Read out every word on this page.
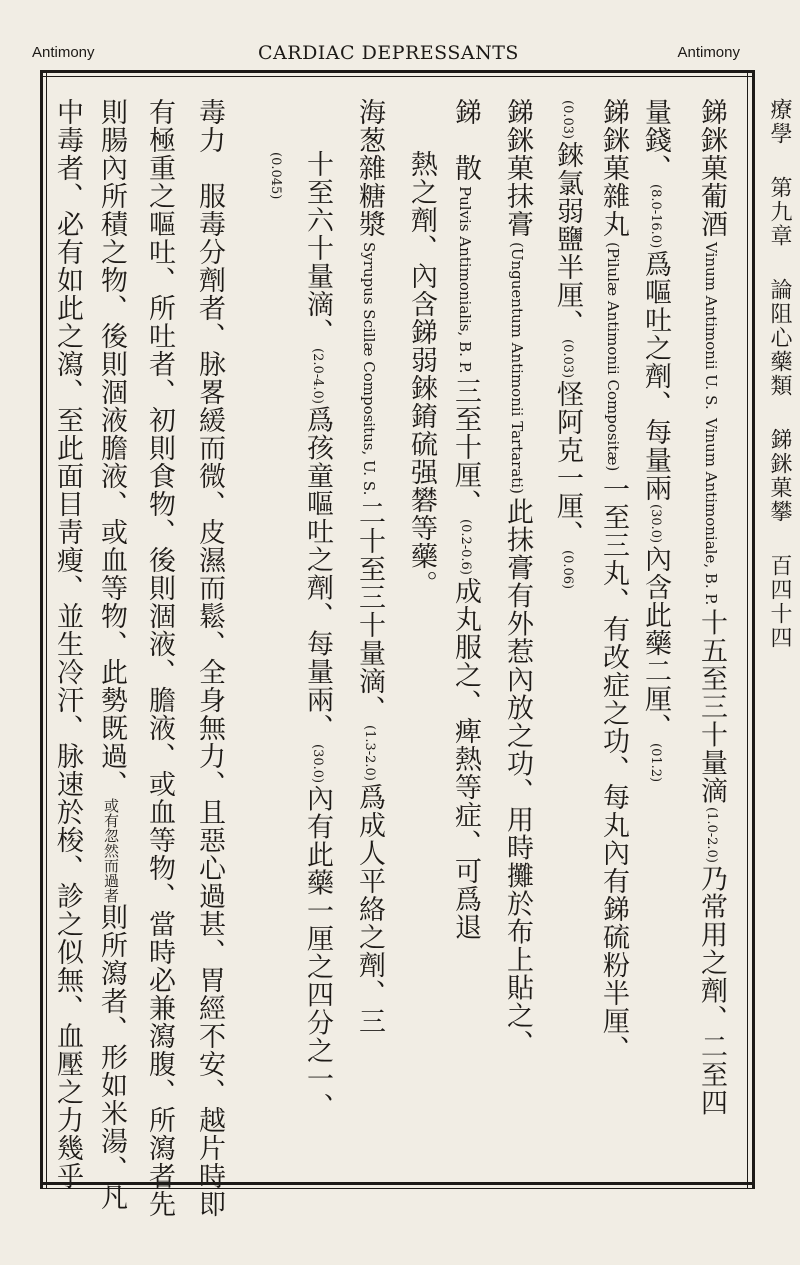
Antimony	CARDIAC DEPRESSANTS	Antimony
銻銤菓葡酒Vinum Antimonii U. S.Vinum Antimoniale, B. P.十五至三十量滴(1.0-2.0)乃常用之劑、二至四
量錢、(8.0-16.0)爲嘔吐之劑、每量兩(30.0)內含此藥二厘、(01.2)
銻銤菓雜丸(Pilulæ Antimonii Compositæ)一至三丸、有改症之功、每丸內有銻硫粉半厘、
(0.03)錸氯弱鹽半厘、(0.03)怪阿克一厘、(0.06)
銻銤菓抹膏(Unguentum Antimonii Tartarati)此抹膏有外惹內放之功、用時攤於布上貼之、
銻　散Pulvis Antimonialis, B. P.三至十厘、(0.2-0.6)成丸服之、痺熱等症、可爲退
熱之劑、內含銻弱錸錥硫强礬等藥。
海葱雜糖漿Syrupus Scillæ Compositus, U. S.二十至三十量滴、(1.3-2.0)爲成人平絡之劑、三
十至六十量滴、(2.0-4.0)爲孩童嘔吐之劑、每量兩、(30.0)內有此藥一厘之四分之一、
(0.045)
毒力　服毒分劑者、脉畧緩而微、皮濕而鬆、全身無力、且惡心過甚、胃經不安、越片時即
有極重之嘔吐、所吐者、初則食物、後則涸液、膽液、或血等物、當時必兼瀉腹、所瀉者先
則腸內所積之物、後則涸液膽液、或血等物、此勢既過、或有忽然而過者則所瀉者、形如米湯、凡
中毒者、必有如此之瀉、至此面目靑瘦、並生冷汗、脉速於梭、診之似無、血壓之力幾乎	療學第九章論阻心藥類銻銤菓攀百四十四
